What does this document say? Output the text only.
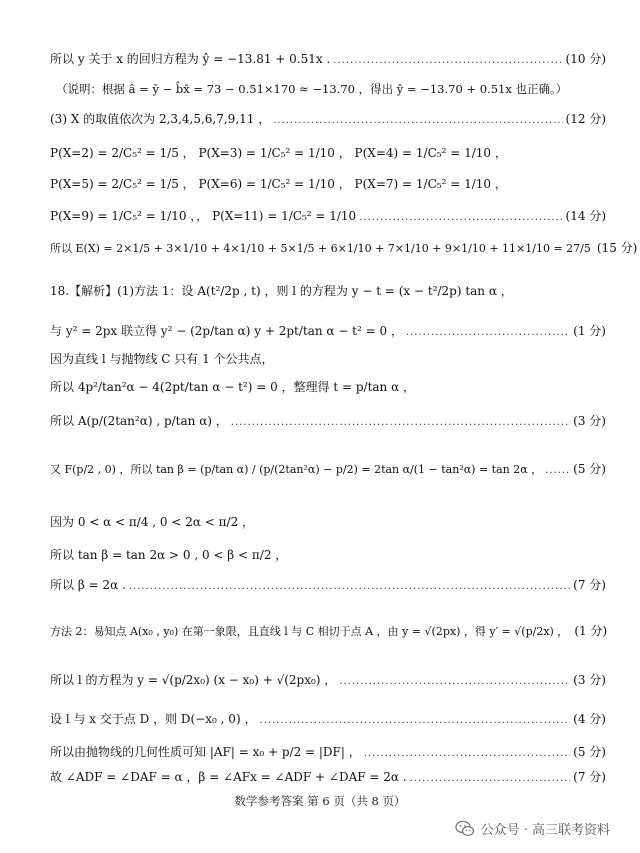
所以 y 关于 x 的回归方程为 ŷ = −13.81 + 0.51x . .....	(10 分)
（说明：根据 â = ȳ − b̂x̄ = 73 − 0.51×170 ≈ −13.70 ，得出 ŷ = −13.70 + 0.51x 也正确。）
(3) X 的取值依次为 2,3,4,5,6,7,9,11 ， .....	(12 分)
P(X=2) = 2/C₅² = 1/5 ， P(X=3) = 1/C₅² = 1/10 ， P(X=4) = 1/C₅² = 1/10 ，
P(X=5) = 2/C₅² = 1/5 ， P(X=6) = 1/C₅² = 1/10 ， P(X=7) = 1/C₅² = 1/10 ，
P(X=9) = 1/C₅² = 1/10 ，， P(X=11) = 1/C₅² = 1/10 .....	(14 分)
所以 E(X) = 2×1/5 + 3×1/10 + 4×1/10 + 5×1/5 + 6×1/10 + 7×1/10 + 9×1/10 + 11×1/10 = 27/5 (15 分)
18.【解析】(1)方法 1：设 A(t²/2p , t) ，则 l 的方程为 y − t = (x − t²/2p) tan α ，
与 y² = 2px 联立得 y² − (2p/tan α) y + 2pt/tan α − t² = 0 ， .....	(1 分)
因为直线 l 与抛物线 C 只有 1 个公共点，
所以 4p²/tan²α − 4(2pt/tan α − t²) = 0 ，整理得 t = p/tan α ，
所以 A(p/(2tan²α) , p/tan α) ， .....	(3 分)
又 F(p/2 , 0) ，所以 tan β = (p/tan α) / (p/(2tan²α) − p/2) = 2tan α/(1 − tan²α) = tan 2α ， .....	(5 分)
因为 0 < α < π/4 , 0 < 2α < π/2 ，
所以 tan β = tan 2α > 0 , 0 < β < π/2 ，
所以 β = 2α . .....	(7 分)
方法 2：易知点 A(x₀ , y₀) 在第一象限，且直线 l 与 C 相切于点 A ，由 y = √(2px) ，得 y′ = √(p/2x) ， (1 分)
所以 l 的方程为 y = √(p/2x₀) (x − x₀) + √(2px₀) ， .....	(3 分)
设 l 与 x 交于点 D ，则 D(−x₀ , 0) ， .....	(4 分)
所以由抛物线的几何性质可知 |AF| = x₀ + p/2 = |DF| ， .....	(5 分)
故 ∠ADF = ∠DAF = α ，β = ∠AFx = ∠ADF + ∠DAF = 2α . .....	(7 分)
数学参考答案 第 6 页（共 8 页）
公众号 · 高三联考资料
